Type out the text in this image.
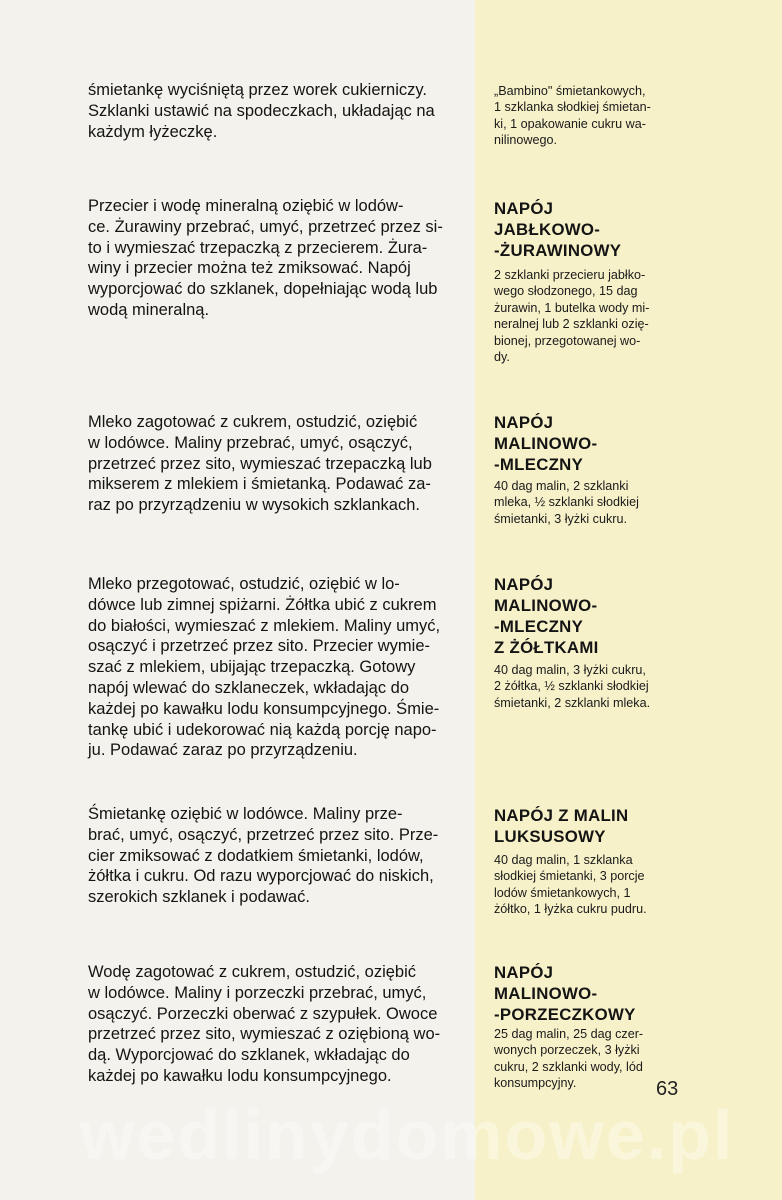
śmietankę wyciśniętą przez worek cukierniczy.
Szklanki ustawić na spodeczkach, układając na
każdym łyżeczkę.

Przecier i wodę mineralną oziębić w lodów-
ce. Żurawiny przebrać, umyć, przetrzeć przez si-
to i wymieszać trzepaczką z przecierem. Żura-
winy i przecier można też zmiksować. Napój
wyporcjować do szklanek, dopełniając wodą lub
wodą mineralną.

Mleko zagotować z cukrem, ostudzić, oziębić
w lodówce. Maliny przebrać, umyć, osączyć,
przetrzeć przez sito, wymieszać trzepaczką lub
mikserem z mlekiem i śmietanką. Podawać za-
raz po przyrządzeniu w wysokich szklankach.

Mleko przegotować, ostudzić, oziębić w lo-
dówce lub zimnej spiżarni. Żółtka ubić z cukrem
do białości, wymieszać z mlekiem. Maliny umyć,
osączyć i przetrzeć przez sito. Przecier wymie-
szać z mlekiem, ubijając trzepaczką. Gotowy
napój wlewać do szklaneczek, wkładając do
każdej po kawałku lodu konsumpcyjnego. Śmie-
tankę ubić i udekorować nią każdą porcję napo-
ju. Podawać zaraz po przyrządzeniu.

Śmietankę oziębić w lodówce. Maliny prze-
brać, umyć, osączyć, przetrzeć przez sito. Prze-
cier zmiksować z dodatkiem śmietanki, lodów,
żółtka i cukru. Od razu wyporcjować do niskich,
szerokich szklanek i podawać.

Wodę zagotować z cukrem, ostudzić, oziębić
w lodówce. Maliny i porzeczki przebrać, umyć,
osączyć. Porzeczki oberwać z szypułek. Owoce
przetrzeć przez sito, wymieszać z oziębioną wo-
dą. Wyporcjować do szklanek, wkładając do
każdej po kawałku lodu konsumpcyjnego.

„Bambino" śmietankowych,
1 szklanka słodkiej śmietan-
ki, 1 opakowanie cukru wa-
nilinowego.

NAPÓJ
JABŁKOWO-
-ŻURAWINOWY

2 szklanki przecieru jabłko-
wego słodzonego, 15 dag
żurawin, 1 butelka wody mi-
neralnej lub 2 szklanki ozię-
bionej, przegotowanej wo-
dy.

NAPÓJ
MALINOWO-
-MLECZNY

40 dag malin, 2 szklanki
mleka, ½ szklanki słodkiej
śmietanki, 3 łyżki cukru.

NAPÓJ
MALINOWO-
-MLECZNY
Z ŻÓŁTKAMI

40 dag malin, 3 łyżki cukru,
2 żółtka, ½ szklanki słodkiej
śmietanki, 2 szklanki mleka.

NAPÓJ Z MALIN
LUKSUSOWY

40 dag malin, 1 szklanka
słodkiej śmietanki, 3 porcje
lodów śmietankowych, 1
żółtko, 1 łyżka cukru pudru.

NAPÓJ
MALINOWO-
-PORZECZKOWY

25 dag malin, 25 dag czer-
wonych porzeczek, 3 łyżki
cukru, 2 szklanki wody, lód
konsumpcyjny.

wedlinydomowe.pl
63
